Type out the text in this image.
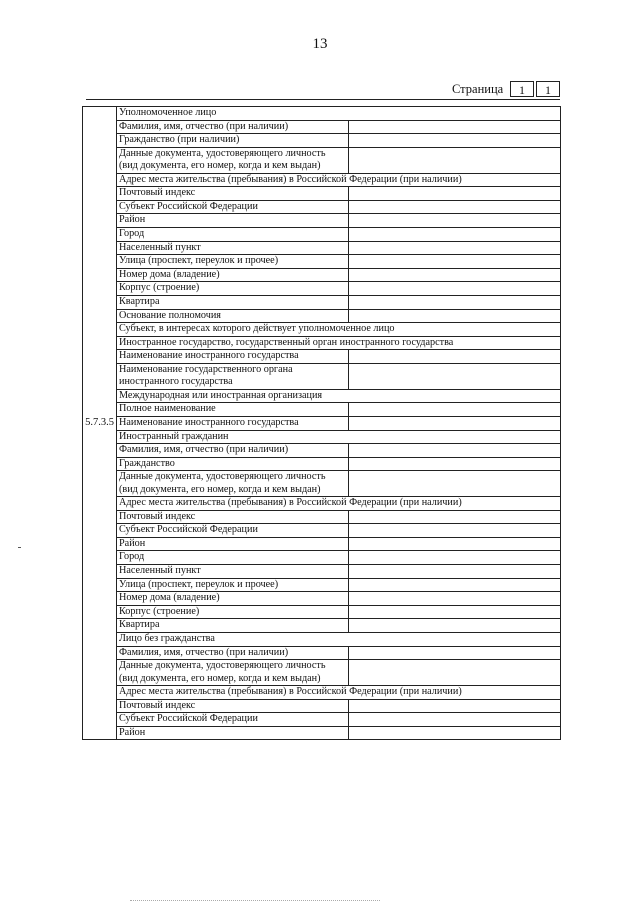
13
Страница	1	1
5.7.3.5	Уполномоченное лицо	
	Фамилия, имя, отчество (при наличии)	
	Гражданство (при наличии)	
	Данные документа, удостоверяющего личность (вид документа, его номер, когда и кем выдан)	
	Адрес места жительства (пребывания) в Российской Федерации (при наличии)	
	Почтовый индекс	
	Субъект Российской Федерации	
	Район	
	Город	
	Населенный пункт	
	Улица (проспект, переулок и прочее)	
	Номер дома (владение)	
	Корпус (строение)	
	Квартира	
	Основание полномочия	
	Субъект, в интересах которого действует уполномоченное лицо	
	Иностранное государство, государственный орган иностранного государства	
	Наименование иностранного государства	
	Наименование государственного органа иностранного государства	
	Международная или иностранная организация	
	Полное наименование	
	Наименование иностранного государства	
	Иностранный гражданин	
	Фамилия, имя, отчество (при наличии)	
	Гражданство	
	Данные документа, удостоверяющего личность (вид документа, его номер, когда и кем выдан)	
	Адрес места жительства (пребывания) в Российской Федерации (при наличии)	
	Почтовый индекс	
	Субъект Российской Федерации	
	Район	
	Город	
	Населенный пункт	
	Улица (проспект, переулок и прочее)	
	Номер дома (владение)	
	Корпус (строение)	
	Квартира	
	Лицо без гражданства	
	Фамилия, имя, отчество (при наличии)	
	Данные документа, удостоверяющего личность (вид документа, его номер, когда и кем выдан)	
	Адрес места жительства (пребывания) в Российской Федерации (при наличии)	
	Почтовый индекс	
	Субъект Российской Федерации	
	Район	
